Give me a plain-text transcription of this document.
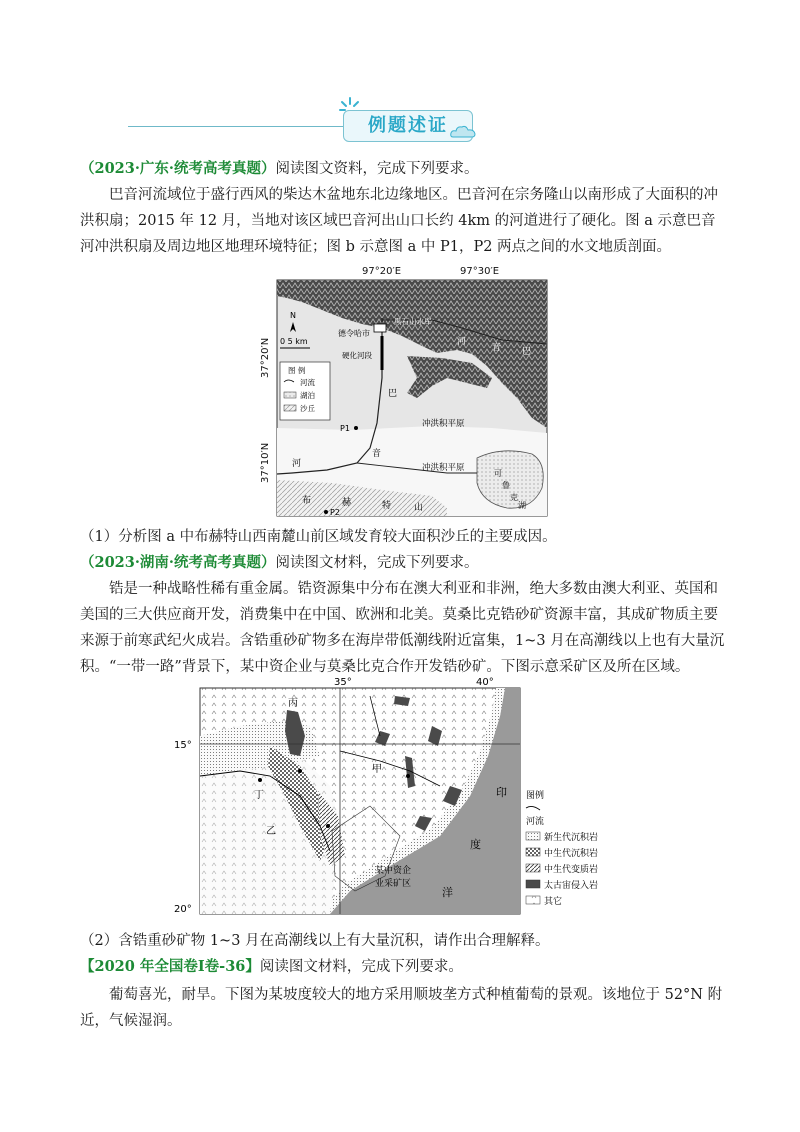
例题述证
（2023·广东·统考高考真题）阅读图文资料，完成下列要求。
巴音河流域位于盛行西风的柴达木盆地东北边缘地区。巴音河在宗务隆山以南形成了大面积的冲洪积扇；2015 年 12 月，当地对该区域巴音河出山口长约 4km 的河道进行了硬化。图 a 示意巴音河冲洪积扇及周边地区地理环境特征；图 b 示意图 a 中 P1，P2 两点之间的水文地质剖面。
97°20′E	97°30′E
37°20′N
37°10′N
N
0 5 km
德令哈市
黑石山水库
硬化河段
巴
音
河
河
音 巴
冲洪积平原
冲洪积平原
可
鲁
克
湖
布	赫	特	山
P1
P2
图 例
河流
湖泊
沙丘
（1）分析图 a 中布赫特山西南麓山前区域发育较大面积沙丘的主要成因。
（2023·湖南·统考高考真题）阅读图文材料，完成下列要求。
锆是一种战略性稀有重金属。锆资源集中分布在澳大利亚和非洲，绝大多数由澳大利亚、英国和美国的三大供应商开发，消费集中在中国、欧洲和北美。莫桑比克锆砂矿资源丰富，其成矿物质主要来源于前寒武纪火成岩。含锆重砂矿物多在海岸带低潮线附近富集，1~3 月在高潮线以上也有大量沉积。“一带一路”背景下，某中资企业与莫桑比克合作开发锆砂矿。下图示意采矿区及所在区域。
35°	40°
15°
20°
丙
甲
丁
乙
某中资企
业采矿区
印
度
洋
图例
河流
新生代沉积岩
中生代沉积岩
中生代变质岩
太古宙侵入岩
其它
（2）含锆重砂矿物 1~3 月在高潮线以上有大量沉积，请作出合理解释。
【2020 年全国卷Ⅰ卷-36】阅读图文材料，完成下列要求。
葡萄喜光，耐旱。下图为某坡度较大的地方采用顺坡垄方式种植葡萄的景观。该地位于 52°N 附近，气候湿润。
